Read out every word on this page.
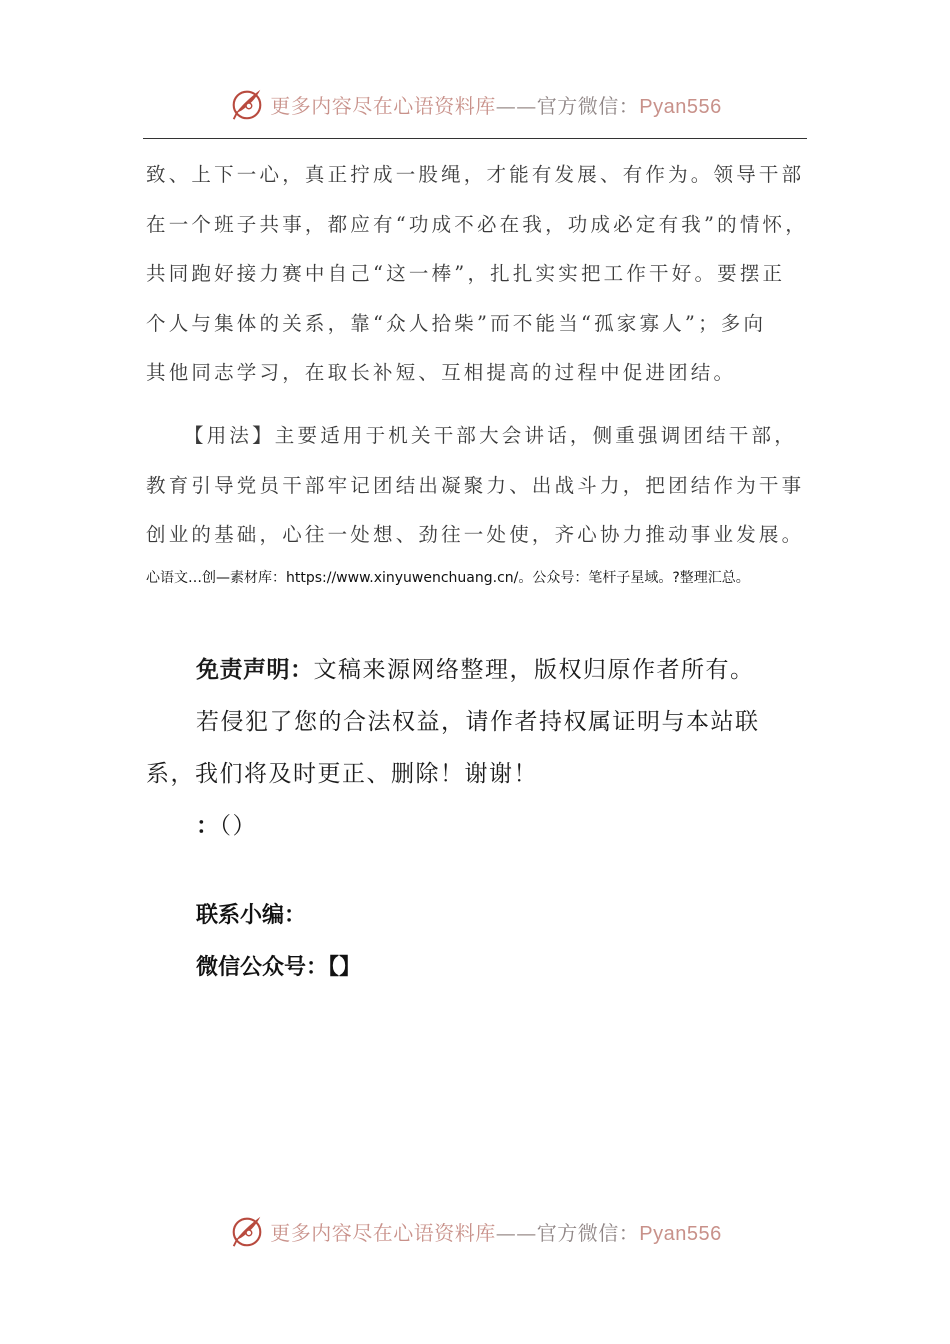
更多内容尽在心语资料库——官方微信：Pyan556
致、上下一心，真正拧成一股绳，才能有发展、有作为。领导干部
在一个班子共事，都应有“功成不必在我，功成必定有我”的情怀，
共同跑好接力赛中自己“这一棒”，扎扎实实把工作干好。要摆正
个人与集体的关系，靠“众人拾柴”而不能当“孤家寡人”；多向
其他同志学习，在取长补短、互相提高的过程中促进团结。
【用法】主要适用于机关干部大会讲话，侧重强调团结干部，
教育引导党员干部牢记团结出凝聚力、出战斗力，把团结作为干事
创业的基础，心往一处想、劲往一处使，齐心协力推动事业发展。
心语文…创—素材库：https://www.xinyuwenchuang.cn/。公众号：笔杆子星域。?整理汇总。
免责声明：文稿来源网络整理，版权归原作者所有。
若侵犯了您的合法权益，请作者持权属证明与本站联
系，我们将及时更正、删除！谢谢！
：（）
联系小编：
微信公众号：【】
更多内容尽在心语资料库——官方微信：Pyan556
